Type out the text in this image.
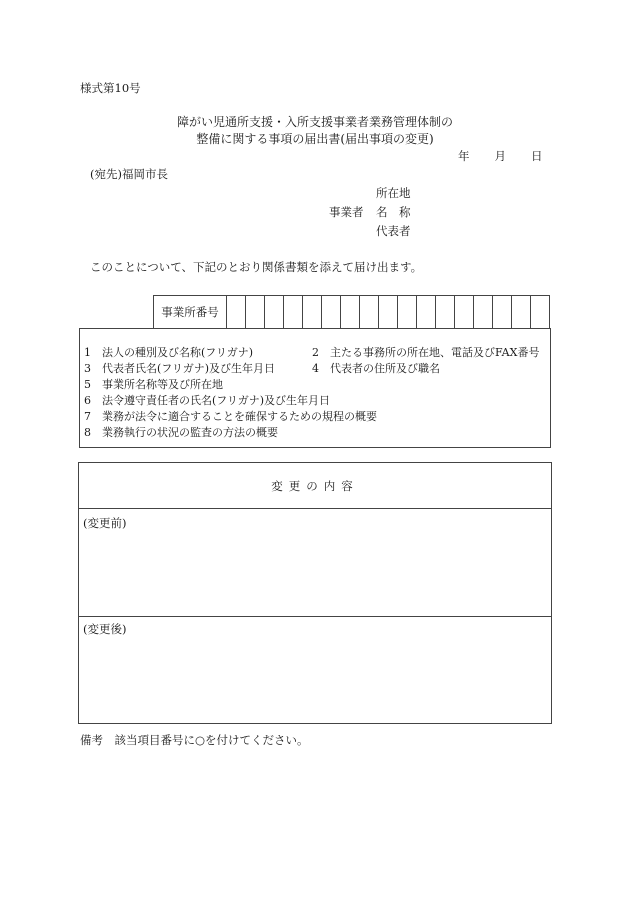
様式第10号
障がい児通所支援・入所支援事業者業務管理体制の
整備に関する事項の届出書(届出事項の変更)
年 月 日
(宛先)福岡市長
所在地
事業者 名　称
代表者
このことについて、下記のとおり関係書類を添えて届け出ます。
事業所番号																	
1　法人の種別及び名称(フリガナ)	2　主たる事務所の所在地、電話及びFAX番号
3　代表者氏名(フリガナ)及び生年月日	4　代表者の住所及び職名
5　事業所名称等及び所在地
6　法令遵守責任者の氏名(フリガナ)及び生年月日
7　業務が法令に適合することを確保するための規程の概要
8　業務執行の状況の監査の方法の概要
変更の内容
(変更前)
(変更後)
備考　該当項目番号に○を付けてください。
